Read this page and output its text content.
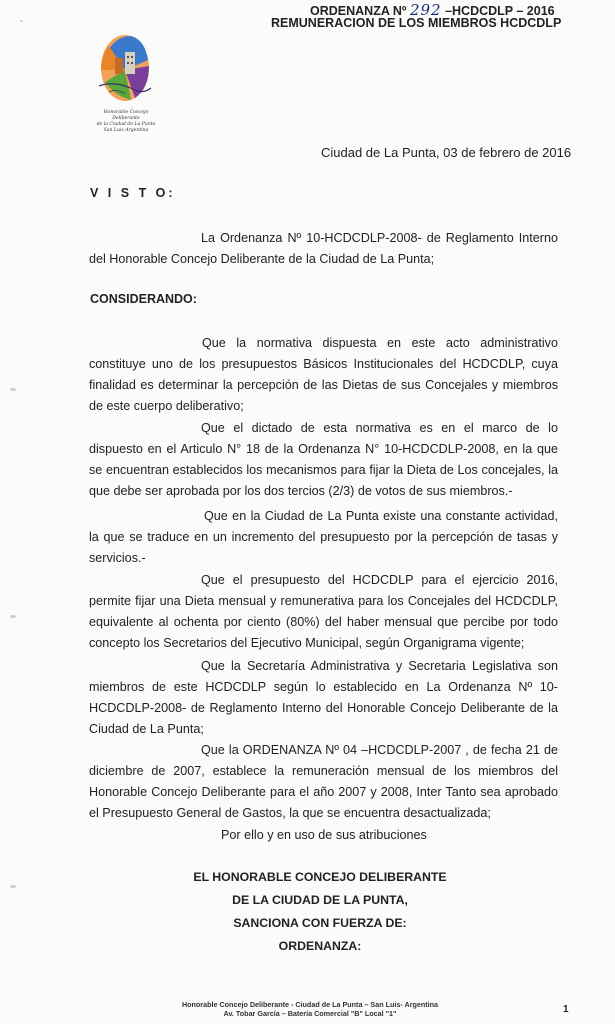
ORDENANZA Nº 292 –HCDCDLP – 2016
REMUNERACION DE LOS MIEMBROS HCDCDLP
Honorable Concejo Deliberante
de la Ciudad de La Punta
San Luis Argentina
Ciudad de La Punta, 03 de febrero de 2016
V I S T O:
La Ordenanza Nº 10-HCDCDLP-2008- de Reglamento Interno del Honorable Concejo Deliberante de la Ciudad de La Punta;
CONSIDERANDO:
Que la normativa dispuesta en este acto administrativo constituye uno de los presupuestos Básicos Institucionales del HCDCDLP, cuya finalidad es determinar la percepción de las Dietas de sus Concejales y miembros de este cuerpo deliberativo;
Que el dictado de esta normativa es en el marco de lo dispuesto en el Articulo N° 18 de la Ordenanza N° 10-HCDCDLP-2008, en la que se encuentran establecidos los mecanismos para fijar la Dieta de Los concejales, la que debe ser aprobada por los dos tercios (2/3) de votos de sus miembros.-
Que en la Ciudad de La Punta existe una constante actividad, la que se traduce en un incremento del presupuesto por la percepción de tasas y servicios.-
Que el presupuesto del HCDCDLP para el ejercicio 2016, permite fijar una Dieta mensual y remunerativa para los Concejales del HCDCDLP, equivalente al ochenta por ciento (80%) del haber mensual que percibe por todo concepto los Secretarios del Ejecutivo Municipal, según Organigrama vigente;
Que la Secretaría Administrativa y Secretaria Legislativa son miembros de este HCDCDLP según lo establecido en La Ordenanza Nº 10-HCDCDLP-2008- de Reglamento Interno del Honorable Concejo Deliberante de la Ciudad de La Punta;
Que la ORDENANZA Nº 04 –HCDCDLP-2007 , de fecha 21 de diciembre de 2007, establece la remuneración mensual de los miembros del Honorable Concejo Deliberante para el año 2007 y 2008, Inter Tanto sea aprobado el Presupuesto General de Gastos, la que se encuentra desactualizada;
Por ello y en uso de sus atribuciones
EL HONORABLE CONCEJO DELIBERANTE
DE LA CIUDAD DE LA PUNTA,
SANCIONA CON FUERZA DE:
ORDENANZA:
Honorable Concejo Deliberante - Ciudad de La Punta – San Luis- Argentina
Av. Tobar García – Batería Comercial "B" Local "1"	1
